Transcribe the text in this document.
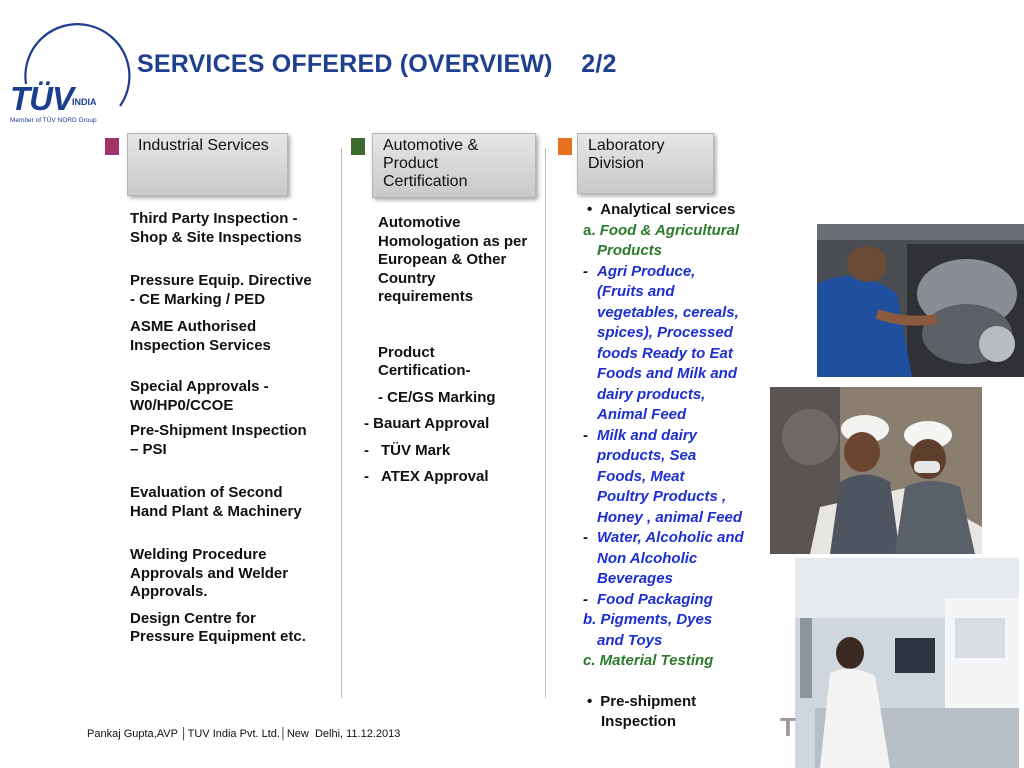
TÜV INDIA
Member of TÜV NORD Group
SERVICES OFFERED (OVERVIEW)    2/2
Industrial Services

Third Party Inspection - Shop & Site Inspections

Pressure Equip. Directive - CE Marking / PED

ASME Authorised Inspection Services

Special Approvals - W0/HP0/CCOE

Pre-Shipment Inspection – PSI

Evaluation of Second Hand Plant & Machinery

Welding Procedure Approvals and Welder Approvals.

Design Centre for Pressure Equipment etc.

Automotive & Product Certification

Automotive Homologation as per European & Other Country requirements

Product Certification-

- CE/GS Marking

- Bauart Approval

- TÜV Mark

- ATEX Approval

Laboratory Division
• Analytical services
a. Food & Agricultural
Products
- Agri Produce,
(Fruits and
vegetables, cereals,
spices), Processed
foods Ready to Eat
Foods and Milk and
dairy products,
Animal Feed
- Milk and dairy
products, Sea
Foods, Meat
Poultry Products ,
Honey , animal Feed
- Water, Alcoholic and
Non Alcoholic
Beverages
- Food Packaging
b. Pigments, Dyes
and Toys
c. Material Testing
• Pre-shipment
Inspection
Pankaj Gupta,AVP │TUV India Pvt. Ltd.│New  Delhi, 11.12.2013	T
